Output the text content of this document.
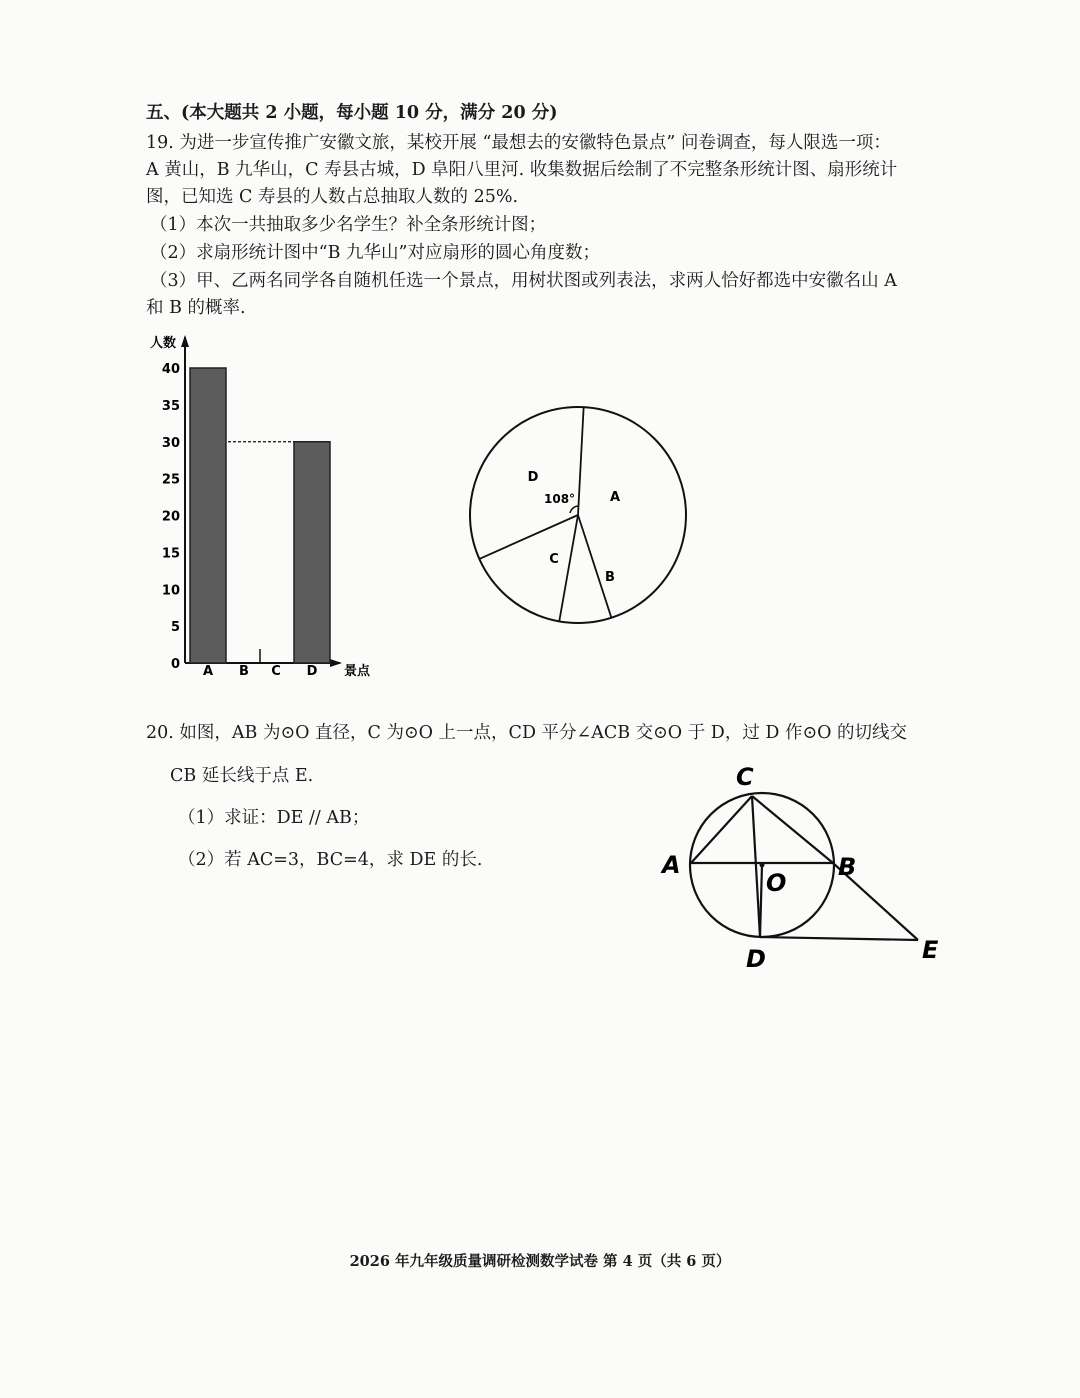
五、(本大题共 2 小题，每小题 10 分，满分 20 分)
19. 为进一步宣传推广安徽文旅，某校开展 “最想去的安徽特色景点” 问卷调查，每人限选一项：
A 黄山，B 九华山，C 寿县古城，D 阜阳八里河. 收集数据后绘制了不完整条形统计图、扇形统计
图，已知选 C 寿县的人数占总抽取人数的 25%.
（1）本次一共抽取多少名学生？补全条形统计图；
（2）求扇形统计图中“B 九华山”对应扇形的圆心角度数；
（3）甲、乙两名同学各自随机任选一个景点，用树状图或列表法，求两人恰好都选中安徽名山 A
和 B 的概率.
人数
景点
0
5
10
15
20
25
30
35
40
A B C D
108°	A
B
C
D
20. 如图，AB 为⊙O 直径，C 为⊙O 上一点，CD 平分∠ACB 交⊙O 于 D，过 D 作⊙O 的切线交
CB 延长线于点 E.
（1）求证：DE // AB；
（2）若 AC=3，BC=4，求 DE 的长.
C
A
O
B
D	E
2026 年九年级质量调研检测数学试卷 第 4 页（共 6 页）
